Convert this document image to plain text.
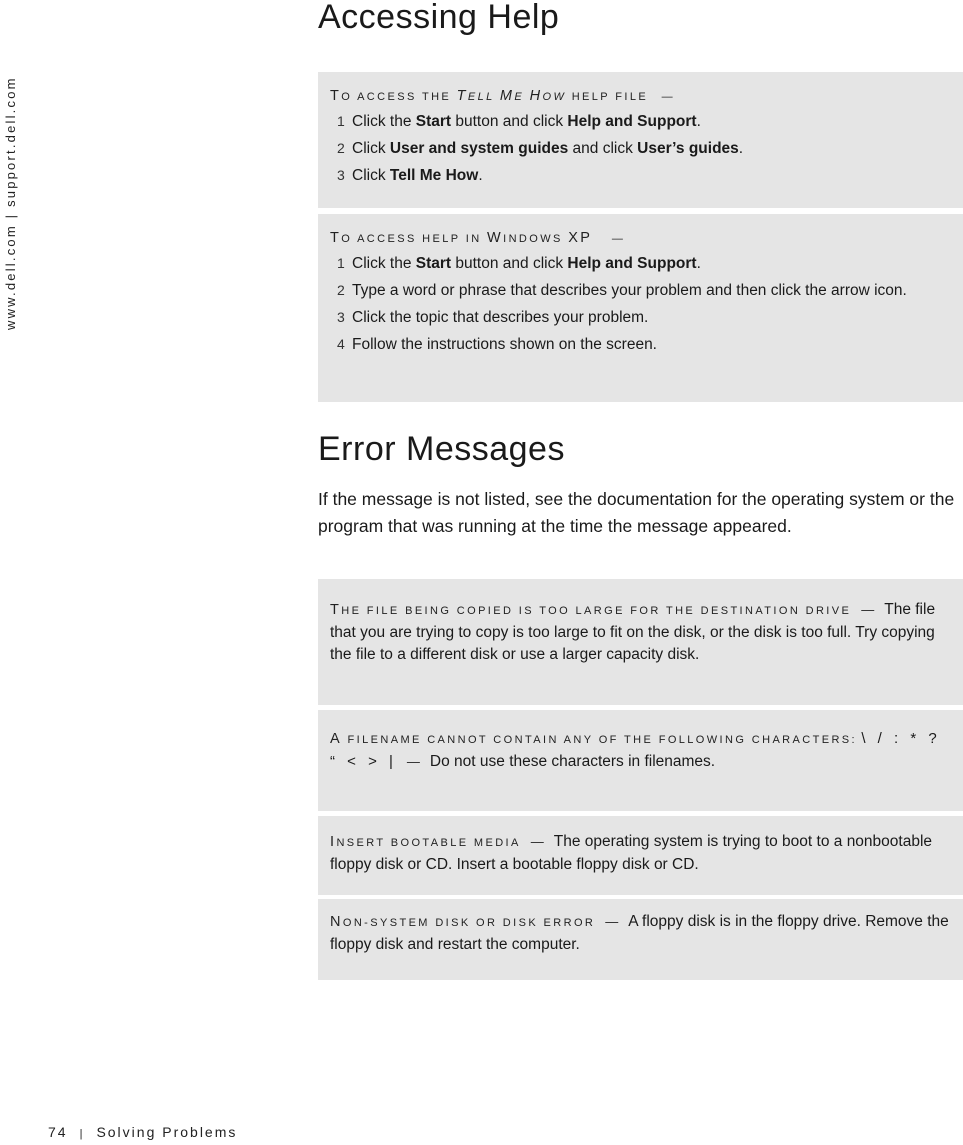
www.dell.com | support.dell.com
Accessing Help
TO ACCESS THE TELL ME HOW HELP FILE —
1 Click the Start button and click Help and Support.
2 Click User and system guides and click User’s guides.
3 Click Tell Me How.
TO ACCESS HELP IN WINDOWS XP —
1 Click the Start button and click Help and Support.
2 Type a word or phrase that describes your problem and then click the arrow icon.
3 Click the topic that describes your problem.
4 Follow the instructions shown on the screen.
Error Messages

If the message is not listed, see the documentation for the operating system or the program that was running at the time the message appeared.

THE FILE BEING COPIED IS TOO LARGE FOR THE DESTINATION DRIVE — The file that you are trying to copy is too large to fit on the disk, or the disk is too full. Try copying the file to a different disk or use a larger capacity disk.
A FILENAME CANNOT CONTAIN ANY OF THE FOLLOWING CHARACTERS: \ / : * ? “ < > | — Do not use these characters in filenames.
INSERT BOOTABLE MEDIA — The operating system is trying to boot to a nonbootable floppy disk or CD. Insert a bootable floppy disk or CD.
NON-SYSTEM DISK OR DISK ERROR — A floppy disk is in the floppy drive. Remove the floppy disk and restart the computer.
74 | Solving Problems
